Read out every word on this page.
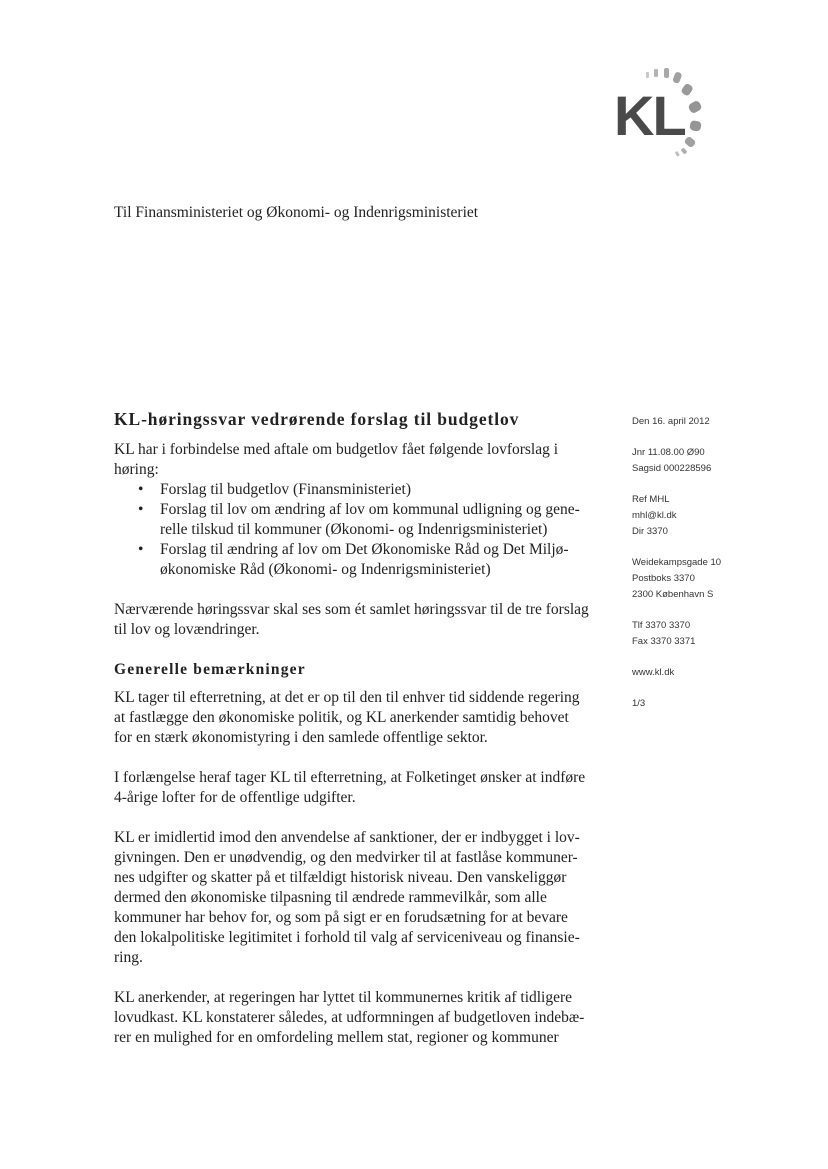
KL
Til Finansministeriet og Økonomi- og Indenrigsministeriet
KL-høringssvar vedrørende forslag til budgetlov

KL har i forbindelse med aftale om budgetlov fået følgende lovforslag i
høring:

• Forslag til budgetlov (Finansministeriet)
• Forslag til lov om ændring af lov om kommunal udligning og gene-
relle tilskud til kommuner (Økonomi- og Indenrigsministeriet)
• Forslag til ændring af lov om Det Økonomiske Råd og Det Miljø-
økonomiske Råd (Økonomi- og Indenrigsministeriet)

Nærværende høringssvar skal ses som ét samlet høringssvar til de tre forslag
til lov og lovændringer.

Generelle bemærkninger

KL tager til efterretning, at det er op til den til enhver tid siddende regering
at fastlægge den økonomiske politik, og KL anerkender samtidig behovet
for en stærk økonomistyring i den samlede offentlige sektor.

I forlængelse heraf tager KL til efterretning, at Folketinget ønsker at indføre
4-årige lofter for de offentlige udgifter.

KL er imidlertid imod den anvendelse af sanktioner, der er indbygget i lov-
givningen. Den er unødvendig, og den medvirker til at fastlåse kommuner-
nes udgifter og skatter på et tilfældigt historisk niveau. Den vanskeliggør
dermed den økonomiske tilpasning til ændrede rammevilkår, som alle
kommuner har behov for, og som på sigt er en forudsætning for at bevare
den lokalpolitiske legitimitet i forhold til valg af serviceniveau og finansie-
ring.

KL anerkender, at regeringen har lyttet til kommunernes kritik af tidligere
lovudkast. KL konstaterer således, at udformningen af budgetloven indebæ-
rer en mulighed for en omfordeling mellem stat, regioner og kommuner

Den 16. april 2012
Jnr 11.08.00 Ø90
Sagsid 000228596
Ref MHL
mhl@kl.dk
Dir 3370
Weidekampsgade 10
Postboks 3370
2300 København S
Tlf 3370 3370
Fax 3370 3371
www.kl.dk
1/3
